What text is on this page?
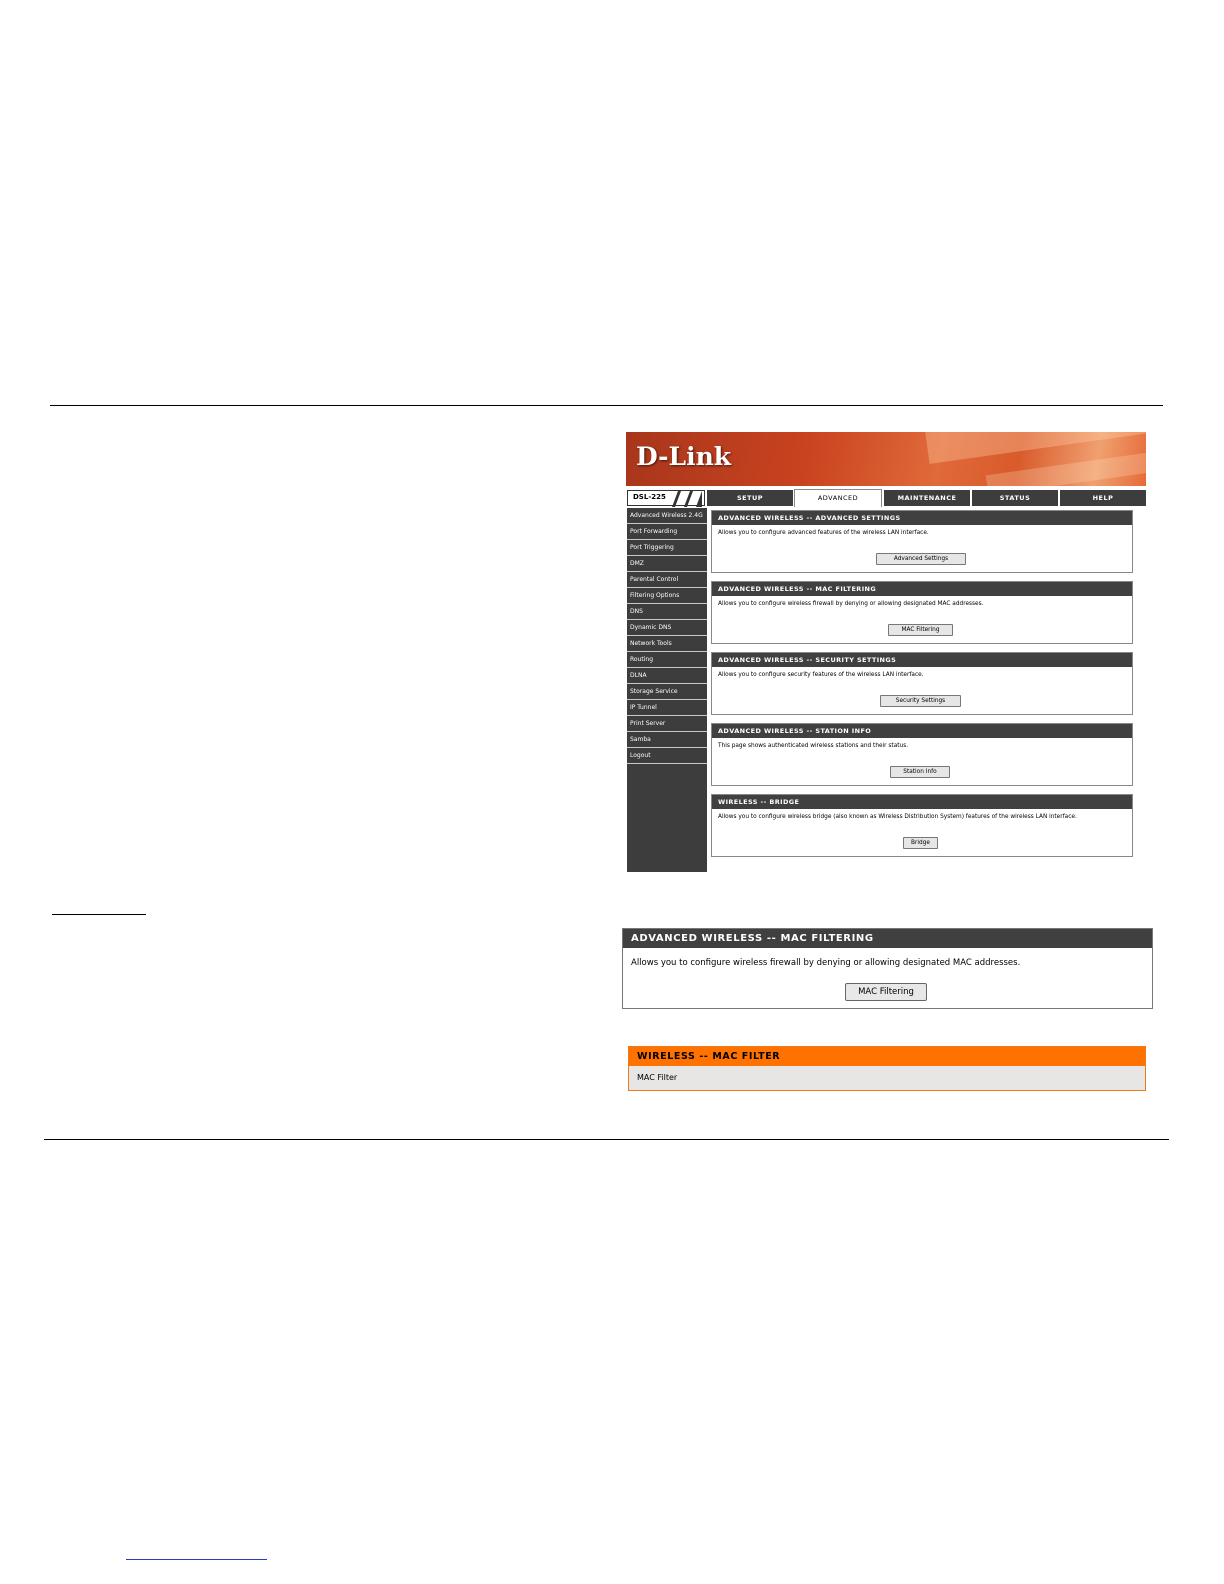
D-Link
DSL-225	SETUP	ADVANCED	MAINTENANCE	STATUS	HELP
Advanced Wireless 2.4G
Port Forwarding
Port Triggering
DMZ
Parental Control
Filtering Options
DNS
Dynamic DNS
Network Tools
Routing
DLNA
Storage Service
IP Tunnel
Print Server
Samba
Logout
ADVANCED WIRELESS -- ADVANCED SETTINGS
Allows you to configure advanced features of the wireless LAN interface.
Advanced Settings
ADVANCED WIRELESS -- MAC FILTERING
Allows you to configure wireless firewall by denying or allowing designated MAC addresses.
MAC Filtering
ADVANCED WIRELESS -- SECURITY SETTINGS
Allows you to configure security features of the wireless LAN interface.
Security Settings
ADVANCED WIRELESS -- STATION INFO
This page shows authenticated wireless stations and their status.
Station Info
WIRELESS -- BRIDGE
Allows you to configure wireless bridge (also known as Wireless Distribution System) features of the wireless LAN interface.
Bridge
ADVANCED WIRELESS -- MAC FILTERING
Allows you to configure wireless firewall by denying or allowing designated MAC addresses.
MAC Filtering
WIRELESS -- MAC FILTER
MAC Filter
